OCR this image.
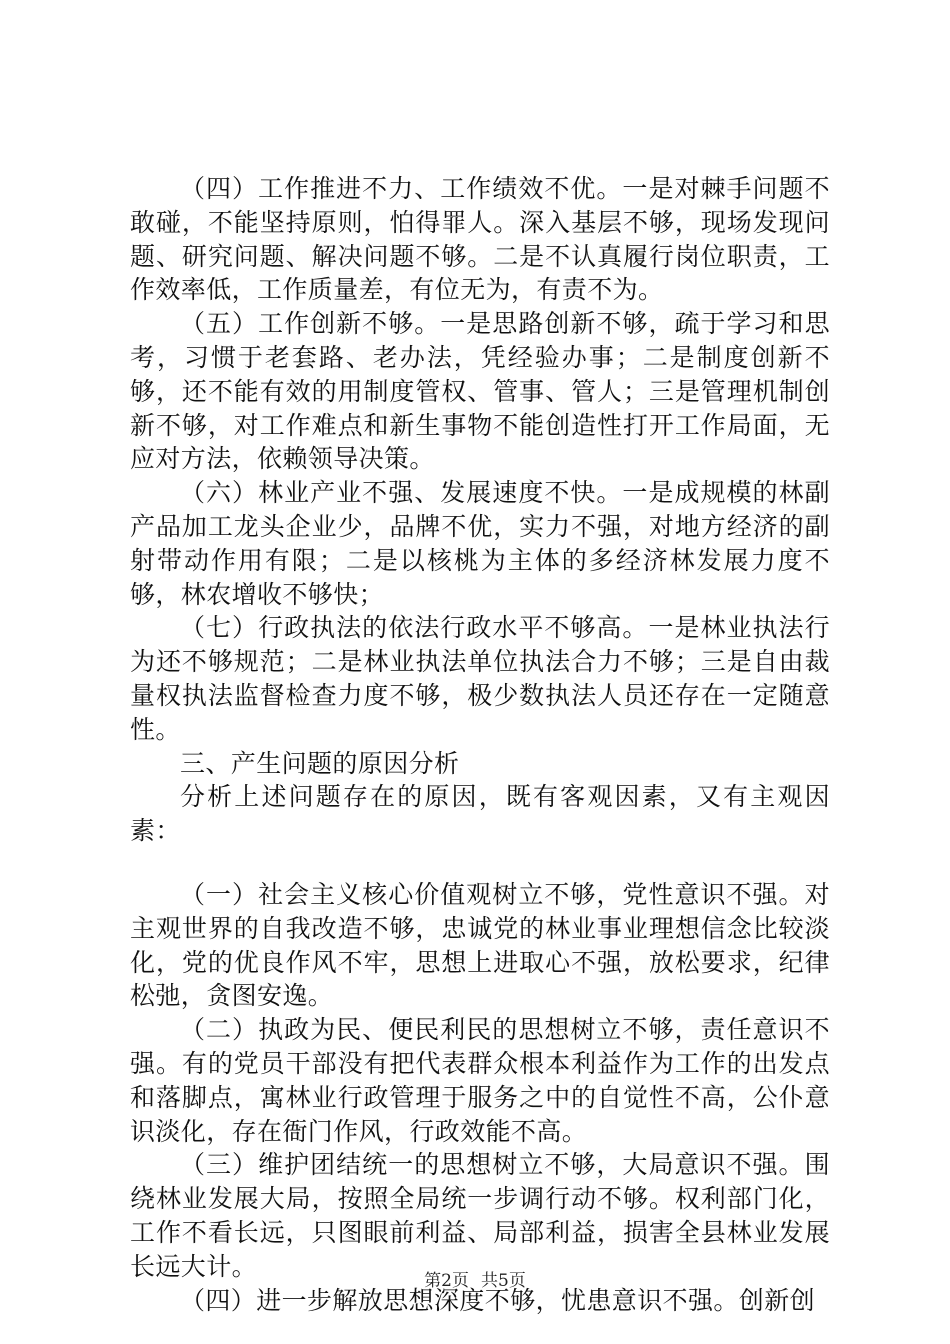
（四）工作推进不力、工作绩效不优。一是对棘手问题不敢碰，不能坚持原则，怕得罪人。深入基层不够，现场发现问题、研究问题、解决问题不够。二是不认真履行岗位职责，工作效率低，工作质量差，有位无为，有责不为。

（五）工作创新不够。一是思路创新不够，疏于学习和思考，习惯于老套路、老办法，凭经验办事；二是制度创新不够，还不能有效的用制度管权、管事、管人；三是管理机制创新不够，对工作难点和新生事物不能创造性打开工作局面，无应对方法，依赖领导决策。

（六）林业产业不强、发展速度不快。一是成规模的林副产品加工龙头企业少，品牌不优，实力不强，对地方经济的副射带动作用有限；二是以核桃为主体的多经济林发展力度不够，林农增收不够快；

（七）行政执法的依法行政水平不够高。一是林业执法行为还不够规范；二是林业执法单位执法合力不够；三是自由裁量权执法监督检查力度不够，极少数执法人员还存在一定随意性。

三、产生问题的原因分析

分析上述问题存在的原因，既有客观因素，又有主观因素：

（一）社会主义核心价值观树立不够，党性意识不强。对主观世界的自我改造不够，忠诚党的林业事业理想信念比较淡化，党的优良作风不牢，思想上进取心不强，放松要求，纪律松弛，贪图安逸。

（二）执政为民、便民利民的思想树立不够，责任意识不强。有的党员干部没有把代表群众根本利益作为工作的出发点和落脚点，寓林业行政管理于服务之中的自觉性不高，公仆意识淡化，存在衙门作风，行政效能不高。

（三）维护团结统一的思想树立不够，大局意识不强。围绕林业发展大局，按照全局统一步调行动不够。权利部门化，工作不看长远，只图眼前利益、局部利益，损害全县林业发展长远大计。

（四）进一步解放思想深度不够，忧患意识不强。创新创

第2页 共5页
